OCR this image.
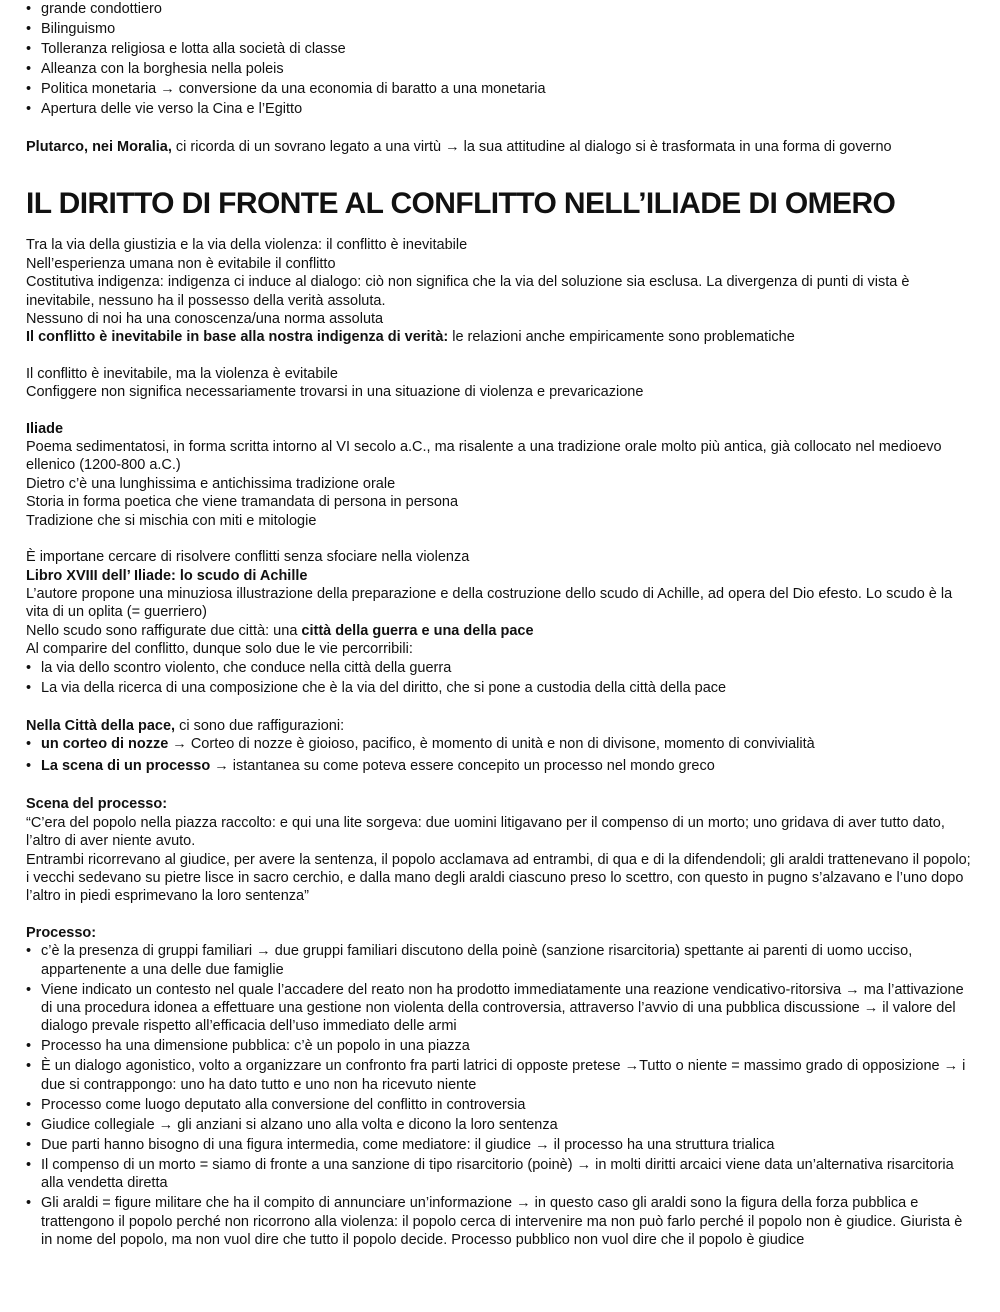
• grande condottiero
• Bilinguismo
• Tolleranza religiosa e lotta alla società di classe
• Alleanza con la borghesia nella poleis
• Politica monetaria → conversione da una economia di baratto a una monetaria
• Apertura delle vie verso la Cina e l’Egitto

Plutarco, nei Moralia, ci ricorda di un sovrano legato a una virtù → la sua attitudine al dialogo si è trasformata in una forma di governo

IL DIRITTO DI FRONTE AL CONFLITTO NELL’ILIADE DI OMERO

Tra la via della giustizia e la via della violenza: il conflitto è inevitabile

Nell’esperienza umana non è evitabile il conflitto

Costitutiva indigenza: indigenza ci induce al dialogo: ciò non significa che la via del soluzione sia esclusa. La divergenza di punti di vista è inevitabile, nessuno ha il possesso della verità assoluta.

Nessuno di noi ha una conoscenza/una norma assoluta

Il conflitto è inevitabile in base alla nostra indigenza di verità: le relazioni anche empiricamente sono problematiche

Il conflitto è inevitabile, ma la violenza è evitabile

Configgere non significa necessariamente trovarsi in una situazione di violenza e prevaricazione

Iliade

Poema sedimentatosi, in forma scritta intorno al VI secolo a.C., ma risalente a una tradizione orale molto più antica, già collocato nel medioevo ellenico (1200-800 a.C.)

Dietro c’è una lunghissima e antichissima tradizione orale

Storia in forma poetica che viene tramandata di persona in persona

Tradizione che si mischia con miti e mitologie

È importane cercare di risolvere conflitti senza sfociare nella violenza

Libro XVIII dell’ Iliade: lo scudo di Achille

L’autore propone una minuziosa illustrazione della preparazione e della costruzione dello scudo di Achille, ad opera del Dio efesto. Lo scudo è la vita di un oplita (= guerriero)

Nello scudo sono raffigurate due città: una città della guerra e una della pace

Al comparire del conflitto, dunque solo due le vie percorribili:

• la via dello scontro violento, che conduce nella città della guerra
• La via della ricerca di una composizione che è la via del diritto, che si pone a custodia della città della pace

Nella Città della pace, ci sono due raffigurazioni:

• un corteo di nozze → Corteo di nozze è gioioso, pacifico, è momento di unità e non di divisone, momento di convivialità
• La scena di un processo → istantanea su come poteva essere concepito un processo nel mondo greco

Scena del processo:

“C’era del popolo nella piazza raccolto: e qui una lite sorgeva: due uomini litigavano per il compenso di un morto; uno gridava di aver tutto dato, l’altro di aver niente avuto.

Entrambi ricorrevano al giudice, per avere la sentenza, il popolo acclamava ad entrambi, di qua e di la difendendoli; gli araldi trattenevano il popolo; i vecchi sedevano su pietre lisce in sacro cerchio, e dalla mano degli araldi ciascuno preso lo scettro, con questo in pugno s’alzavano e l’uno dopo l’altro in piedi esprimevano la loro sentenza”

Processo:

• c’è la presenza di gruppi familiari → due gruppi familiari discutono della poinè (sanzione risarcitoria) spettante ai parenti di uomo ucciso, appartenente a una delle due famiglie
• Viene indicato un contesto nel quale l’accadere del reato non ha prodotto immediatamente una reazione vendicativo-ritorsiva → ma l’attivazione di una procedura idonea a effettuare una gestione non violenta della controversia, attraverso l’avvio di una pubblica discussione → il valore del dialogo prevale rispetto all’efficacia dell’uso immediato delle armi
• Processo ha una dimensione pubblica: c’è un popolo in una piazza
• È un dialogo agonistico, volto a organizzare un confronto fra parti latrici di opposte pretese →Tutto o niente = massimo grado di opposizione → i due si contrappongo: uno ha dato tutto e uno non ha ricevuto niente
• Processo come luogo deputato alla conversione del conflitto in controversia
• Giudice collegiale → gli anziani si alzano uno alla volta e dicono la loro sentenza
• Due parti hanno bisogno di una figura intermedia, come mediatore: il giudice → il processo ha una struttura trialica
• Il compenso di un morto = siamo di fronte a una sanzione di tipo risarcitorio (poinè) → in molti diritti arcaici viene data un’alternativa risarcitoria alla vendetta diretta
• Gli araldi = figure militare che ha il compito di annunciare un’informazione → in questo caso gli araldi sono la figura della forza pubblica e trattengono il popolo perché non ricorrono alla violenza: il popolo cerca di intervenire ma non può farlo perché il popolo non è giudice. Giurista è in nome del popolo, ma non vuol dire che tutto il popolo decide. Processo pubblico non vuol dire che il popolo è giudice
